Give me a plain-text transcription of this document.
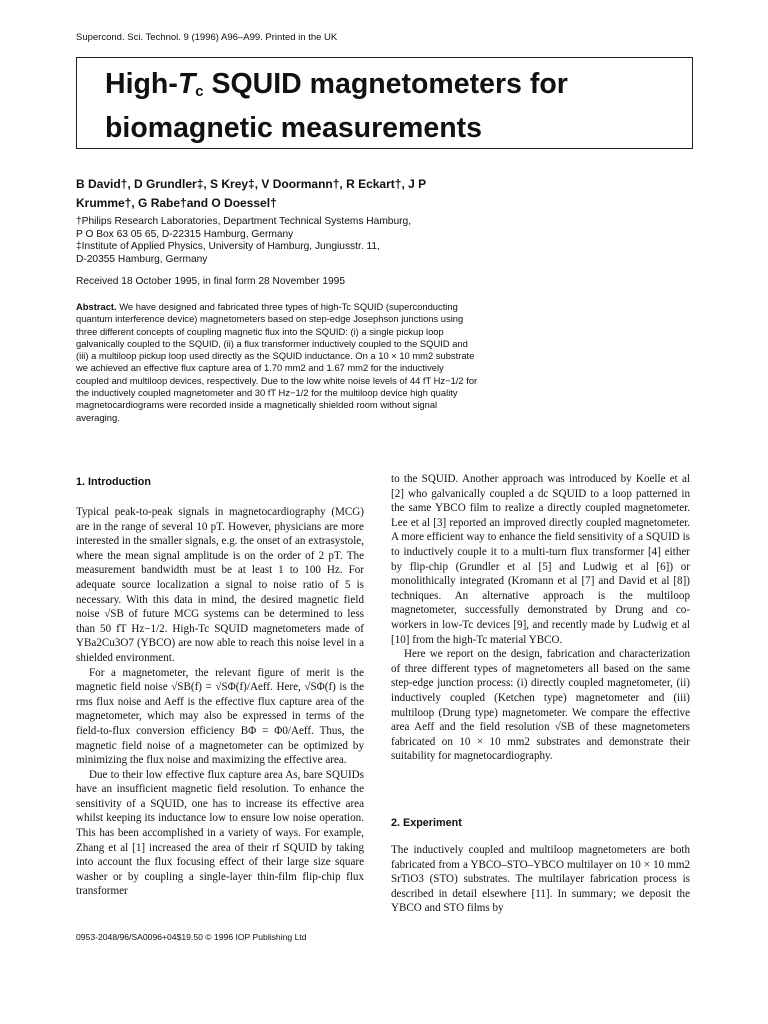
Supercond. Sci. Technol. 9 (1996) A96–A99. Printed in the UK
High-$T_c$ SQUID magnetometers for
biomagnetic measurements
B David†, D Grundler‡, S Krey‡, V Doormann†, R Eckart†, J P
Krumme†, G Rabe†and O Doessel†
†Philips Research Laboratories, Department Technical Systems Hamburg,
P O Box 63 05 65, D-22315 Hamburg, Germany
‡Institute of Applied Physics, University of Hamburg, Jungiusstr. 11,
D-20355 Hamburg, Germany
Received 18 October 1995, in final form 28 November 1995

Abstract. We have designed and fabricated three types of high-Tc SQUID (superconducting quantum interference device) magnetometers based on step-edge Josephson junctions using three different concepts of coupling magnetic flux into the SQUID: (i) a single pickup loop galvanically coupled to the SQUID, (ii) a flux transformer inductively coupled to the SQUID and (iii) a multiloop pickup loop used directly as the SQUID inductance. On a 10 × 10 mm2 substrate we achieved an effective flux capture area of 1.70 mm2 and 1.67 mm2 for the inductively coupled and multiloop devices, respectively. Due to the low white noise levels of 44 fT Hz−1/2 for the inductively coupled magnetometer and 30 fT Hz−1/2 for the multiloop device high quality magnetocardiograms were recorded inside a magnetically shielded room without signal averaging.

1. Introduction

Typical peak-to-peak signals in magnetocardiography (MCG) are in the range of several 10 pT. However, physicians are more interested in the smaller signals, e.g. the onset of an extrasystole, where the mean signal amplitude is on the order of 2 pT. The measurement bandwidth must be at least 1 to 100 Hz. For adequate source localization a signal to noise ratio of 5 is necessary. With this data in mind, the desired magnetic field noise √SB of future MCG systems can be determined to less than 50 fT Hz−1/2. High-Tc SQUID magnetometers made of YBa2Cu3O7 (YBCO) are now able to reach this noise level in a shielded environment.

For a magnetometer, the relevant figure of merit is the magnetic field noise √SB(f) = √SΦ(f)/Aeff. Here, √SΦ(f) is the rms flux noise and Aeff is the effective flux capture area of the magnetometer, which may also be expressed in terms of the field-to-flux conversion efficiency BΦ = Φ0/Aeff. Thus, the magnetic field noise of a magnetometer can be optimized by minimizing the flux noise and maximizing the effective area.

Due to their low effective flux capture area As, bare SQUIDs have an insufficient magnetic field resolution. To enhance the sensitivity of a SQUID, one has to increase its effective area whilst keeping its inductance low to ensure low noise operation. This has been accomplished in a variety of ways. For example, Zhang et al [1] increased the area of their rf SQUID by taking into account the flux focusing effect of their large size square washer or by coupling a single-layer thin-film flip-chip flux transformer

to the SQUID. Another approach was introduced by Koelle et al [2] who galvanically coupled a dc SQUID to a loop patterned in the same YBCO film to realize a directly coupled magnetometer. Lee et al [3] reported an improved directly coupled magnetometer. A more efficient way to enhance the field sensitivity of a SQUID is to inductively couple it to a multi-turn flux transformer [4] either by flip-chip (Grundler et al [5] and Ludwig et al [6]) or monolithically integrated (Kromann et al [7] and David et al [8]) techniques. An alternative approach is the multiloop magnetometer, successfully demonstrated by Drung and co-workers in low-Tc devices [9], and recently made by Ludwig et al [10] from the high-Tc material YBCO.

Here we report on the design, fabrication and characterization of three different types of magnetometers all based on the same step-edge junction process: (i) directly coupled magnetometer, (ii) inductively coupled (Ketchen type) magnetometer and (iii) multiloop (Drung type) magnetometer. We compare the effective area Aeff and the field resolution √SB of these magnetometers fabricated on 10 × 10 mm2 substrates and demonstrate their suitability for magnetocardiography.

2. Experiment

The inductively coupled and multiloop magnetometers are both fabricated from a YBCO–STO–YBCO multilayer on 10 × 10 mm2 SrTiO3 (STO) substrates. The multilayer fabrication process is described in detail elsewhere [11]. In summary; we deposit the YBCO and STO films by

0953-2048/96/SA0096+04$19.50 © 1996 IOP Publishing Ltd
